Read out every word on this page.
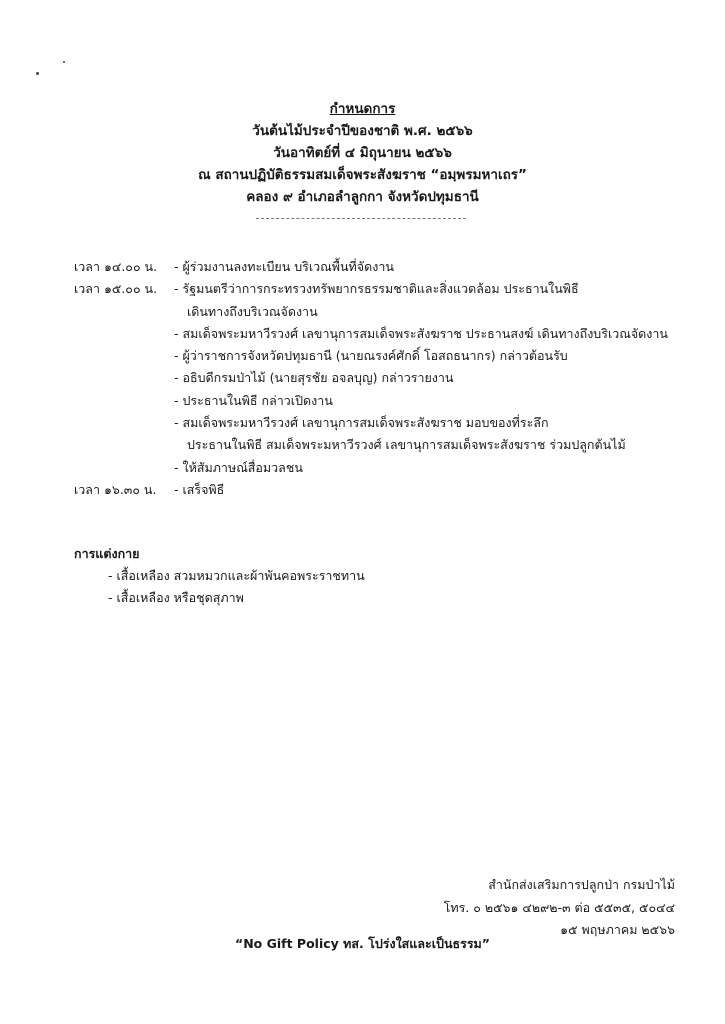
กำหนดการ
วันต้นไม้ประจำปีของชาติ พ.ศ. ๒๕๖๖
วันอาทิตย์ที่ ๔ มิถุนายน ๒๕๖๖
ณ สถานปฏิบัติธรรมสมเด็จพระสังฆราช “อมฺพรมหาเถร”
คลอง ๙ อำเภอลำลูกกา จังหวัดปทุมธานี
เวลา ๑๔.๐๐ น.	- ผู้ร่วมงานลงทะเบียน บริเวณพื้นที่จัดงาน
เวลา ๑๕.๐๐ น.	- รัฐมนตรีว่าการกระทรวงทรัพยากรธรรมชาติและสิ่งแวดล้อม ประธานในพิธี
เดินทางถึงบริเวณจัดงาน
- สมเด็จพระมหาวีรวงศ์ เลขานุการสมเด็จพระสังฆราช ประธานสงฆ์ เดินทางถึงบริเวณจัดงาน
- ผู้ว่าราชการจังหวัดปทุมธานี (นายณรงค์ศักดิ์ โอสถธนากร) กล่าวต้อนรับ
- อธิบดีกรมป่าไม้ (นายสุรชัย อจลบุญ) กล่าวรายงาน
- ประธานในพิธี กล่าวเปิดงาน
- สมเด็จพระมหาวีรวงศ์ เลขานุการสมเด็จพระสังฆราช มอบของที่ระลึก
ประธานในพิธี สมเด็จพระมหาวีรวงศ์ เลขานุการสมเด็จพระสังฆราช ร่วมปลูกต้นไม้
- ให้สัมภาษณ์สื่อมวลชน
เวลา ๑๖.๓๐ น.	- เสร็จพิธี
การแต่งกาย
- เสื้อเหลือง สวมหมวกและผ้าพันคอพระราชทาน
- เสื้อเหลือง หรือชุดสุภาพ
สำนักส่งเสริมการปลูกป่า กรมป่าไม้
โทร. ๐ ๒๕๖๑ ๔๒๙๒-๓ ต่อ ๕๕๓๕, ๕๐๔๔
๑๕ พฤษภาคม ๒๕๖๖
“No Gift Policy ทส. โปร่งใสและเป็นธรรม”
